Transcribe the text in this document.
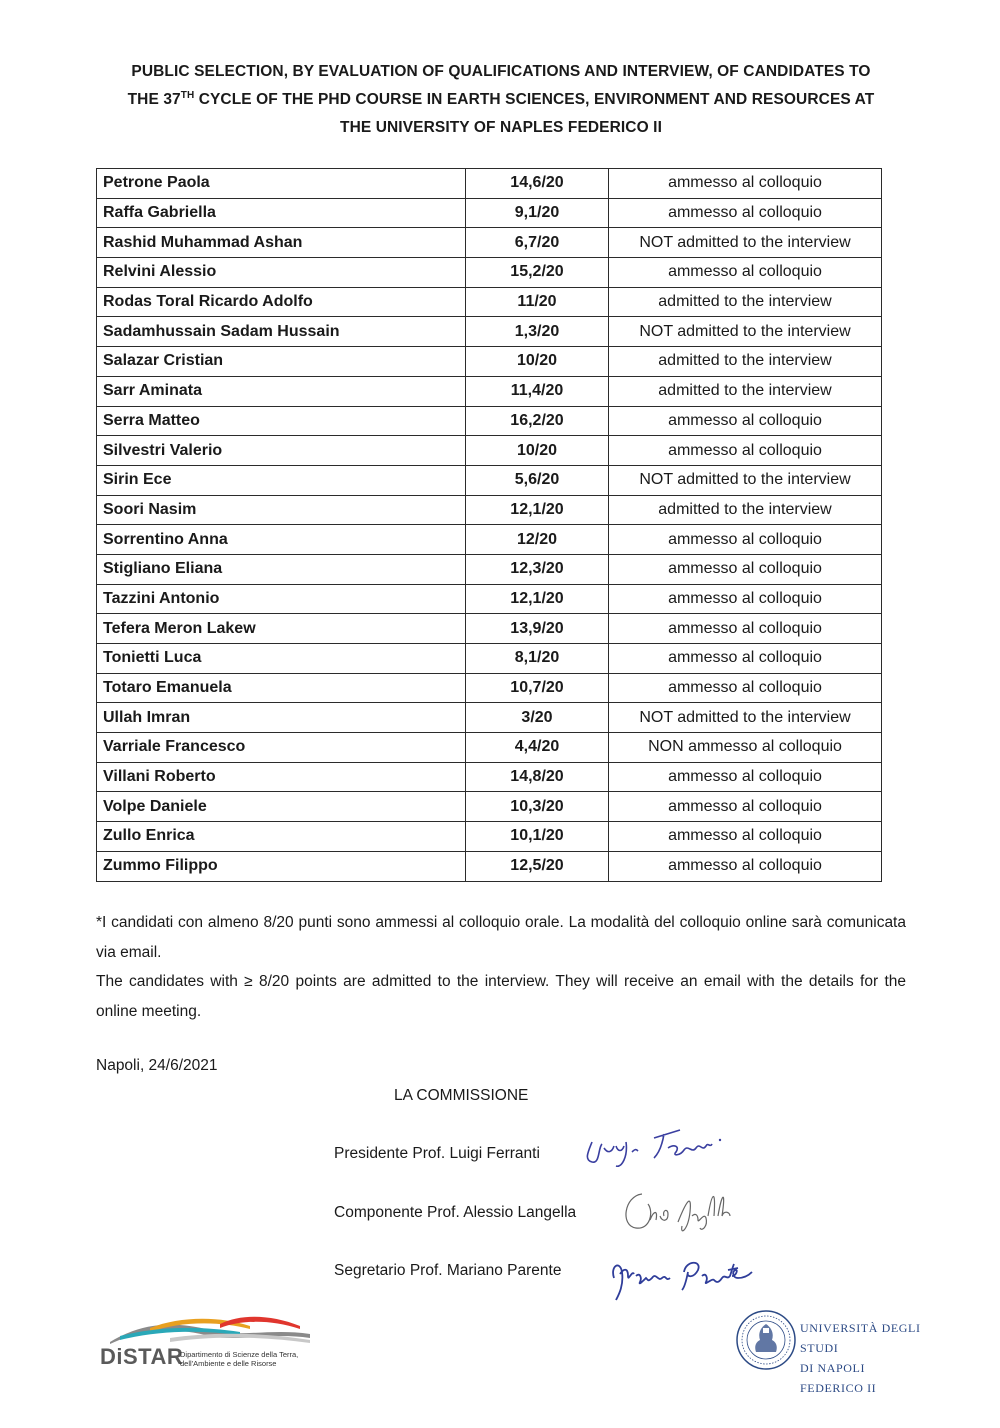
PUBLIC SELECTION, BY EVALUATION OF QUALIFICATIONS AND INTERVIEW, OF CANDIDATES TO
THE 37TH CYCLE OF THE PHD COURSE IN EARTH SCIENCES, ENVIRONMENT AND RESOURCES AT
THE UNIVERSITY OF NAPLES FEDERICO II
Petrone Paola	14,6/20	ammesso al colloquio
Raffa Gabriella	9,1/20	ammesso al colloquio
Rashid Muhammad Ashan	6,7/20	NOT admitted to the interview
Relvini Alessio	15,2/20	ammesso al colloquio
Rodas Toral Ricardo Adolfo	11/20	admitted to the interview
Sadamhussain Sadam Hussain	1,3/20	NOT admitted to the interview
Salazar Cristian	10/20	admitted to the interview
Sarr Aminata	11,4/20	admitted to the interview
Serra Matteo	16,2/20	ammesso al colloquio
Silvestri Valerio	10/20	ammesso al colloquio
Sirin Ece	5,6/20	NOT admitted to the interview
Soori Nasim	12,1/20	admitted to the interview
Sorrentino Anna	12/20	ammesso al colloquio
Stigliano Eliana	12,3/20	ammesso al colloquio
Tazzini Antonio	12,1/20	ammesso al colloquio
Tefera Meron Lakew	13,9/20	ammesso al colloquio
Tonietti Luca	8,1/20	ammesso al colloquio
Totaro Emanuela	10,7/20	ammesso al colloquio
Ullah Imran	3/20	NOT admitted to the interview
Varriale Francesco	4,4/20	NON ammesso al colloquio
Villani Roberto	14,8/20	ammesso al colloquio
Volpe Daniele	10,3/20	ammesso al colloquio
Zullo Enrica	10,1/20	ammesso al colloquio
Zummo Filippo	12,5/20	ammesso al colloquio

*I candidati con almeno 8/20 punti sono ammessi al colloquio orale. La modalità del colloquio online sarà comunicata via email.

The candidates with ≥ 8/20 points are admitted to the interview. They will receive an email with the details for the online meeting.

Napoli, 24/6/2021
LA COMMISSIONE
Presidente Prof. Luigi Ferranti
Componente Prof. Alessio Langella
Segretario Prof. Mariano Parente
DiSTAR
Dipartimento di Scienze della Terra,
dell'Ambiente e delle Risorse
UNIVERSITÀ DEGLI STUDI
DI NAPOLI FEDERICO II
